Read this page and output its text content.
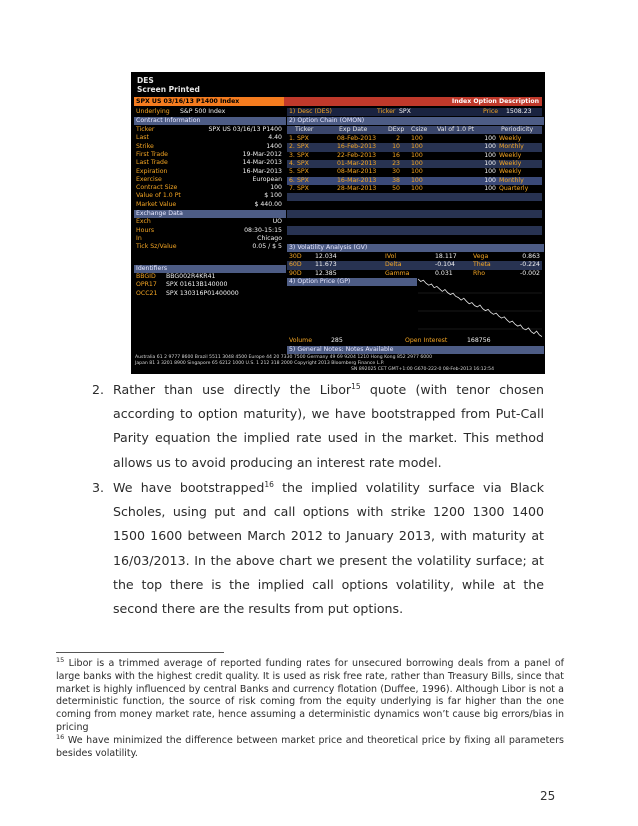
DES
Screen Printed
SPX US 03/16/13 P1400 Index	Index Option Description
Underlying S&P 500 Index
Contract Information
Ticker	SPX US 03/16/13 P1400
Last	4.40
Strike	1400
First Trade	19-Mar-2012
Last Trade	14-Mar-2013
Expiration	16-Mar-2013
Exercise	European
Contract Size	100
Value of 1.0 Pt	$ 100
Market Value	$ 440.00
Exchange Data
Exch	UO
Hours	08:30-15:15
In	Chicago
Tick Sz/Value	0.05 / $ 5
Identifiers
BBGID BBG002R4KR41
OPR17 SPX 01613B140000
OCC21 SPX 130316P01400000
1) Desc (DES)	Ticker SPX	Price 1508.23
2) Option Chain (OMON)
Ticker	Exp Date	DExp Csize Val of 1.0 Pt	Periodicity
1. SPX	08-Feb-2013	2 100	100 Weekly
2. SPX	16-Feb-2013	10 100	100 Monthly
3. SPX	22-Feb-2013	16 100	100 Weekly
4. SPX	01-Mar-2013	23 100	100 Weekly
5. SPX	08-Mar-2013	30 100	100 Weekly
6. SPX	16-Mar-2013	38 100	100 Monthly
7. SPX	28-Mar-2013	50 100	100 Quarterly
3) Volatility Analysis (GV)
30D 12.034	IVol	18.117	Vega	0.863
60D 11.673	Delta	-0.104	Theta	-0.224
90D 12.385	Gamma	0.031	Rho	-0.002
4) Option Price (GP)
Volume	285	Open Interest	168756
5) General Notes: Notes Available
Australia 61 2 9777 8600 Brazil 5511 3048 4500 Europe 44 20 7330 7500 Germany 49 69 9204 1210 Hong Kong 852 2977 6000
Japan 81 3 3201 8900 Singapore 65 6212 1000 U.S. 1 212 318 2000 Copyright 2013 Bloomberg Finance L.P.
SN 892025 CET GMT+1:00 G670-222-0 08-Feb-2013 16:12:54
2. Rather than use directly the Libor$^{15}$ quote (with tenor chosen according to option maturity), we have bootstrapped from Put-Call Parity equation the implied rate used in the market. This method allows us to avoid producing an interest rate model.
3. We have bootstrapped$^{16}$ the implied volatility surface via Black Scholes, using put and call options with strike 1200 1300 1400 1500 1600 between March 2012 to January 2013, with maturity at 16/03/2013. In the above chart we present the volatility surface; at the top there is the implied call options volatility, while at the second there are the results from put options.
$^{15}$ Libor is a trimmed average of reported funding rates for unsecured borrowing deals from a panel of large banks with the highest credit quality. It is used as risk free rate, rather than Treasury Bills, since that market is highly influenced by central Banks and currency flotation (Duffee, 1996). Although Libor is not a deterministic function, the source of risk coming from the equity underlying is far higher than the one coming from money market rate, hence assuming a deterministic dynamics won’t cause big errors/bias in pricing
$^{16}$ We have minimized the difference between market price and theoretical price by fixing all parameters besides volatility.
25
